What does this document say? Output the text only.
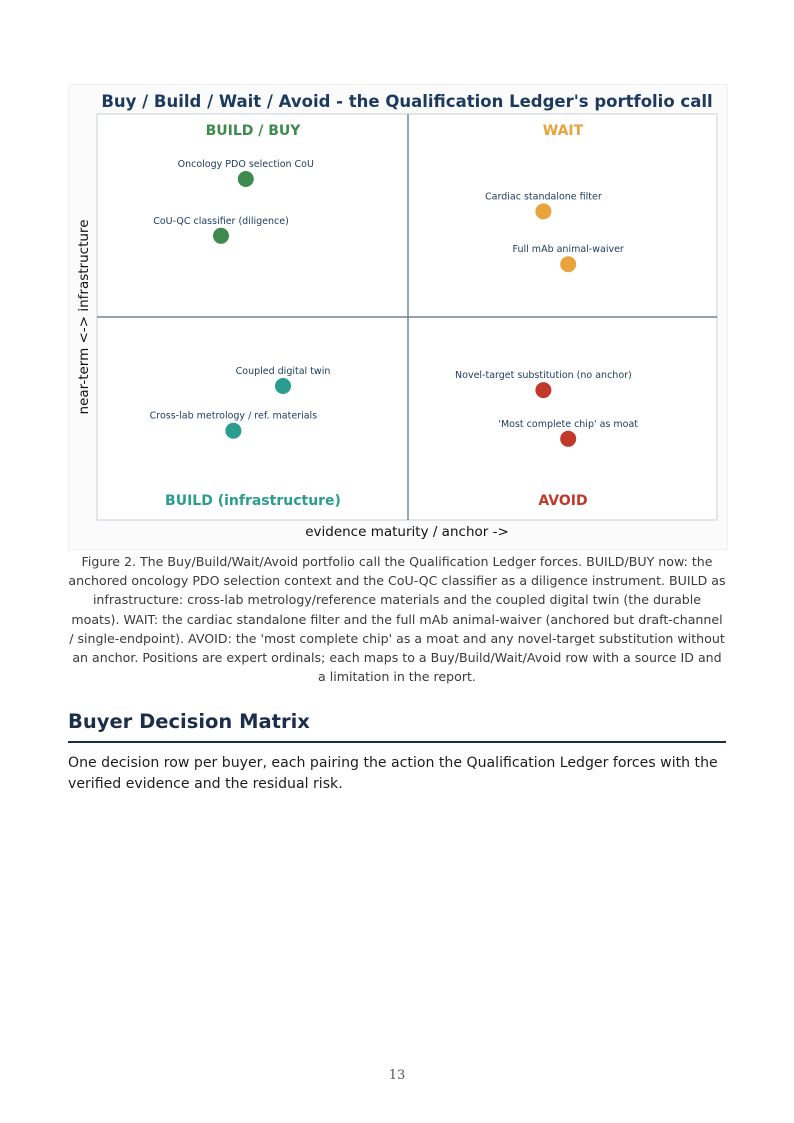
Buy / Build / Wait / Avoid - the Qualification Ledger's portfolio call
BUILD / BUY	WAIT
BUILD (infrastructure)	AVOID
Oncology PDO selection CoU
CoU-QC classifier (diligence)
Cardiac standalone filter
Full mAb animal-waiver
Coupled digital twin
Cross-lab metrology / ref. materials
Novel-target substitution (no anchor)
'Most complete chip' as moat
evidence maturity / anchor ->
near-term <-> infrastructure

Figure 2. The Buy/Build/Wait/Avoid portfolio call the Qualification Ledger forces. BUILD/BUY now: the anchored oncology PDO selection context and the CoU-QC classifier as a diligence instrument. BUILD as infrastructure: cross-lab metrology/reference materials and the coupled digital twin (the durable moats). WAIT: the cardiac standalone filter and the full mAb animal-waiver (anchored but draft-channel / single-endpoint). AVOID: the 'most complete chip' as a moat and any novel-target substitution without an anchor. Positions are expert ordinals; each maps to a Buy/Build/Wait/Avoid row with a source ID and a limitation in the report.

Buyer Decision Matrix

One decision row per buyer, each pairing the action the Qualification Ledger forces with the verified evidence and the residual risk.

13
